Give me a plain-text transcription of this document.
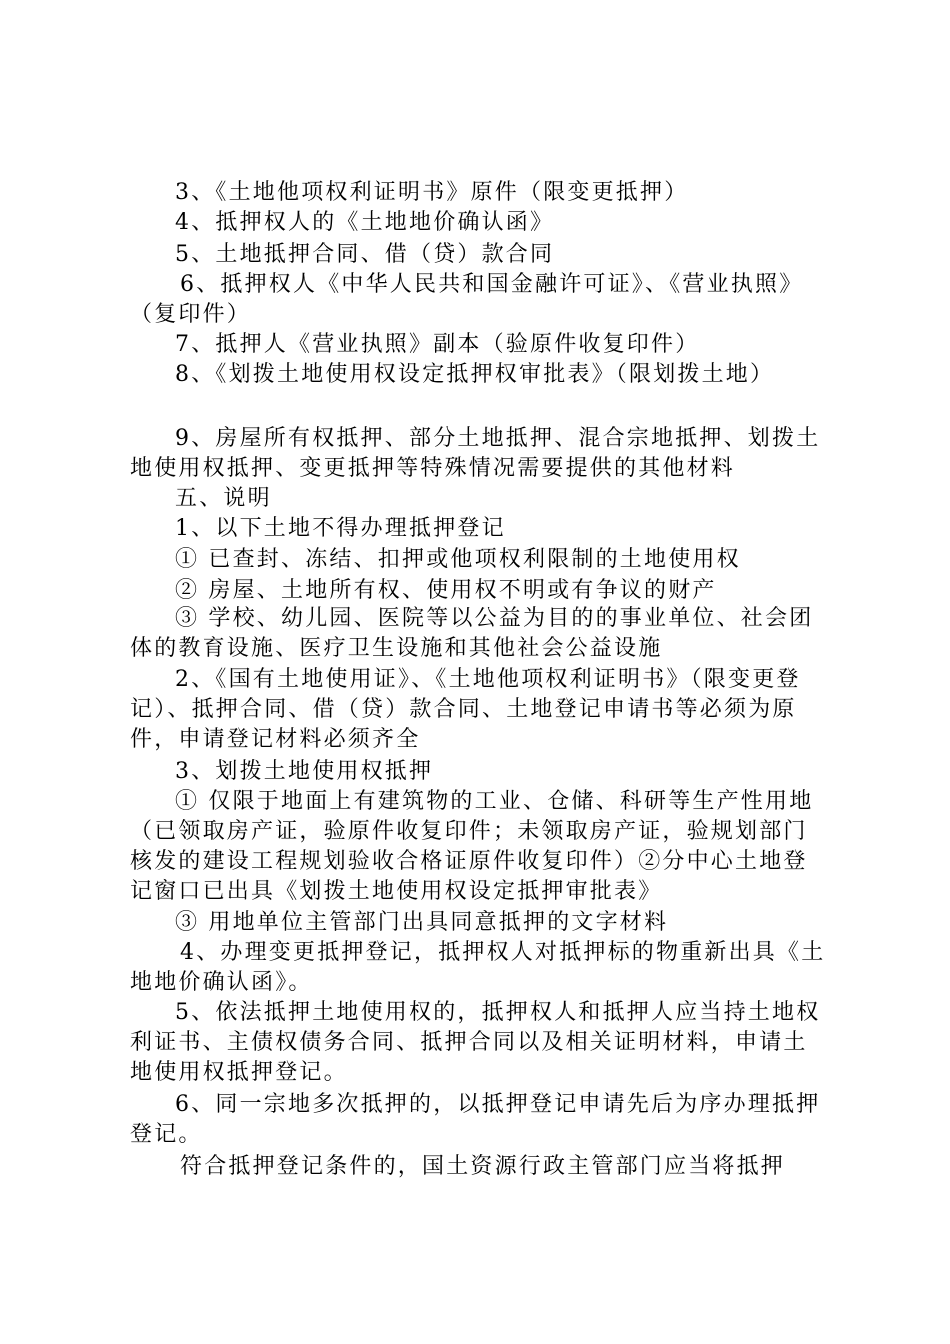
3、《土地他项权利证明书》原件（限变更抵押）

4、抵押权人的《土地地价确认函》

5、土地抵押合同、借（贷）款合同

6、抵押权人《中华人民共和国金融许可证》、《营业执照》（复印件）

7、抵押人《营业执照》副本（验原件收复印件）

8、《划拨土地使用权设定抵押权审批表》（限划拨土地）

9、房屋所有权抵押、部分土地抵押、混合宗地抵押、划拨土地使用权抵押、变更抵押等特殊情况需要提供的其他材料

五、说明

1、以下土地不得办理抵押登记

① 已查封、冻结、扣押或他项权利限制的土地使用权

② 房屋、土地所有权、使用权不明或有争议的财产

③ 学校、幼儿园、医院等以公益为目的的事业单位、社会团体的教育设施、医疗卫生设施和其他社会公益设施

2、《国有土地使用证》、《土地他项权利证明书》（限变更登记）、抵押合同、借（贷）款合同、土地登记申请书等必须为原件，申请登记材料必须齐全

3、划拨土地使用权抵押

① 仅限于地面上有建筑物的工业、仓储、科研等生产性用地（已领取房产证，验原件收复印件；未领取房产证，验规划部门核发的建设工程规划验收合格证原件收复印件）②分中心土地登记窗口已出具《划拨土地使用权设定抵押审批表》

③ 用地单位主管部门出具同意抵押的文字材料

4、办理变更抵押登记，抵押权人对抵押标的物重新出具《土地地价确认函》。

5、依法抵押土地使用权的，抵押权人和抵押人应当持土地权利证书、主债权债务合同、抵押合同以及相关证明材料，申请土地使用权抵押登记。

6、同一宗地多次抵押的，以抵押登记申请先后为序办理抵押登记。

符合抵押登记条件的，国土资源行政主管部门应当将抵押
